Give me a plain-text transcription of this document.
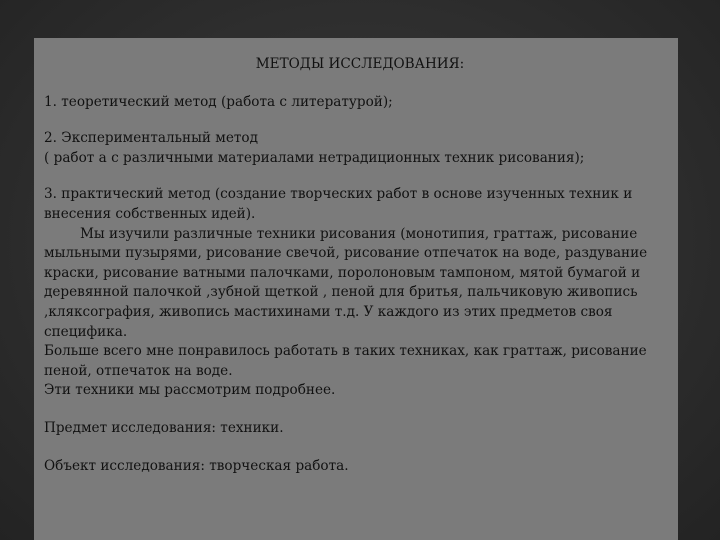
МЕТОДЫ ИССЛЕДОВАНИЯ:

1. теоретический метод (работа с литературой);

2. Экспериментальный метод

( работ а с различными материалами нетрадиционных техник рисования);

3. практический метод (создание творческих работ в основе изученных техник и внесения собственных идей).

Мы изучили различные техники рисования (монотипия, граттаж, рисование мыльными пузырями, рисование свечой, рисование отпечаток на воде, раздувание краски, рисование ватными палочками, поролоновым тампоном, мятой бумагой и деревянной палочкой ,зубной щеткой , пеной для бритья, пальчиковую живопись ,кляксография, живопись мастихинами т.д. У каждого из этих предметов своя специфика.

Больше всего мне понравилось работать в таких техниках, как граттаж, рисование пеной, отпечаток на воде.

Эти техники мы рассмотрим подробнее.

Предмет исследования: техники.

Объект исследования: творческая работа.
